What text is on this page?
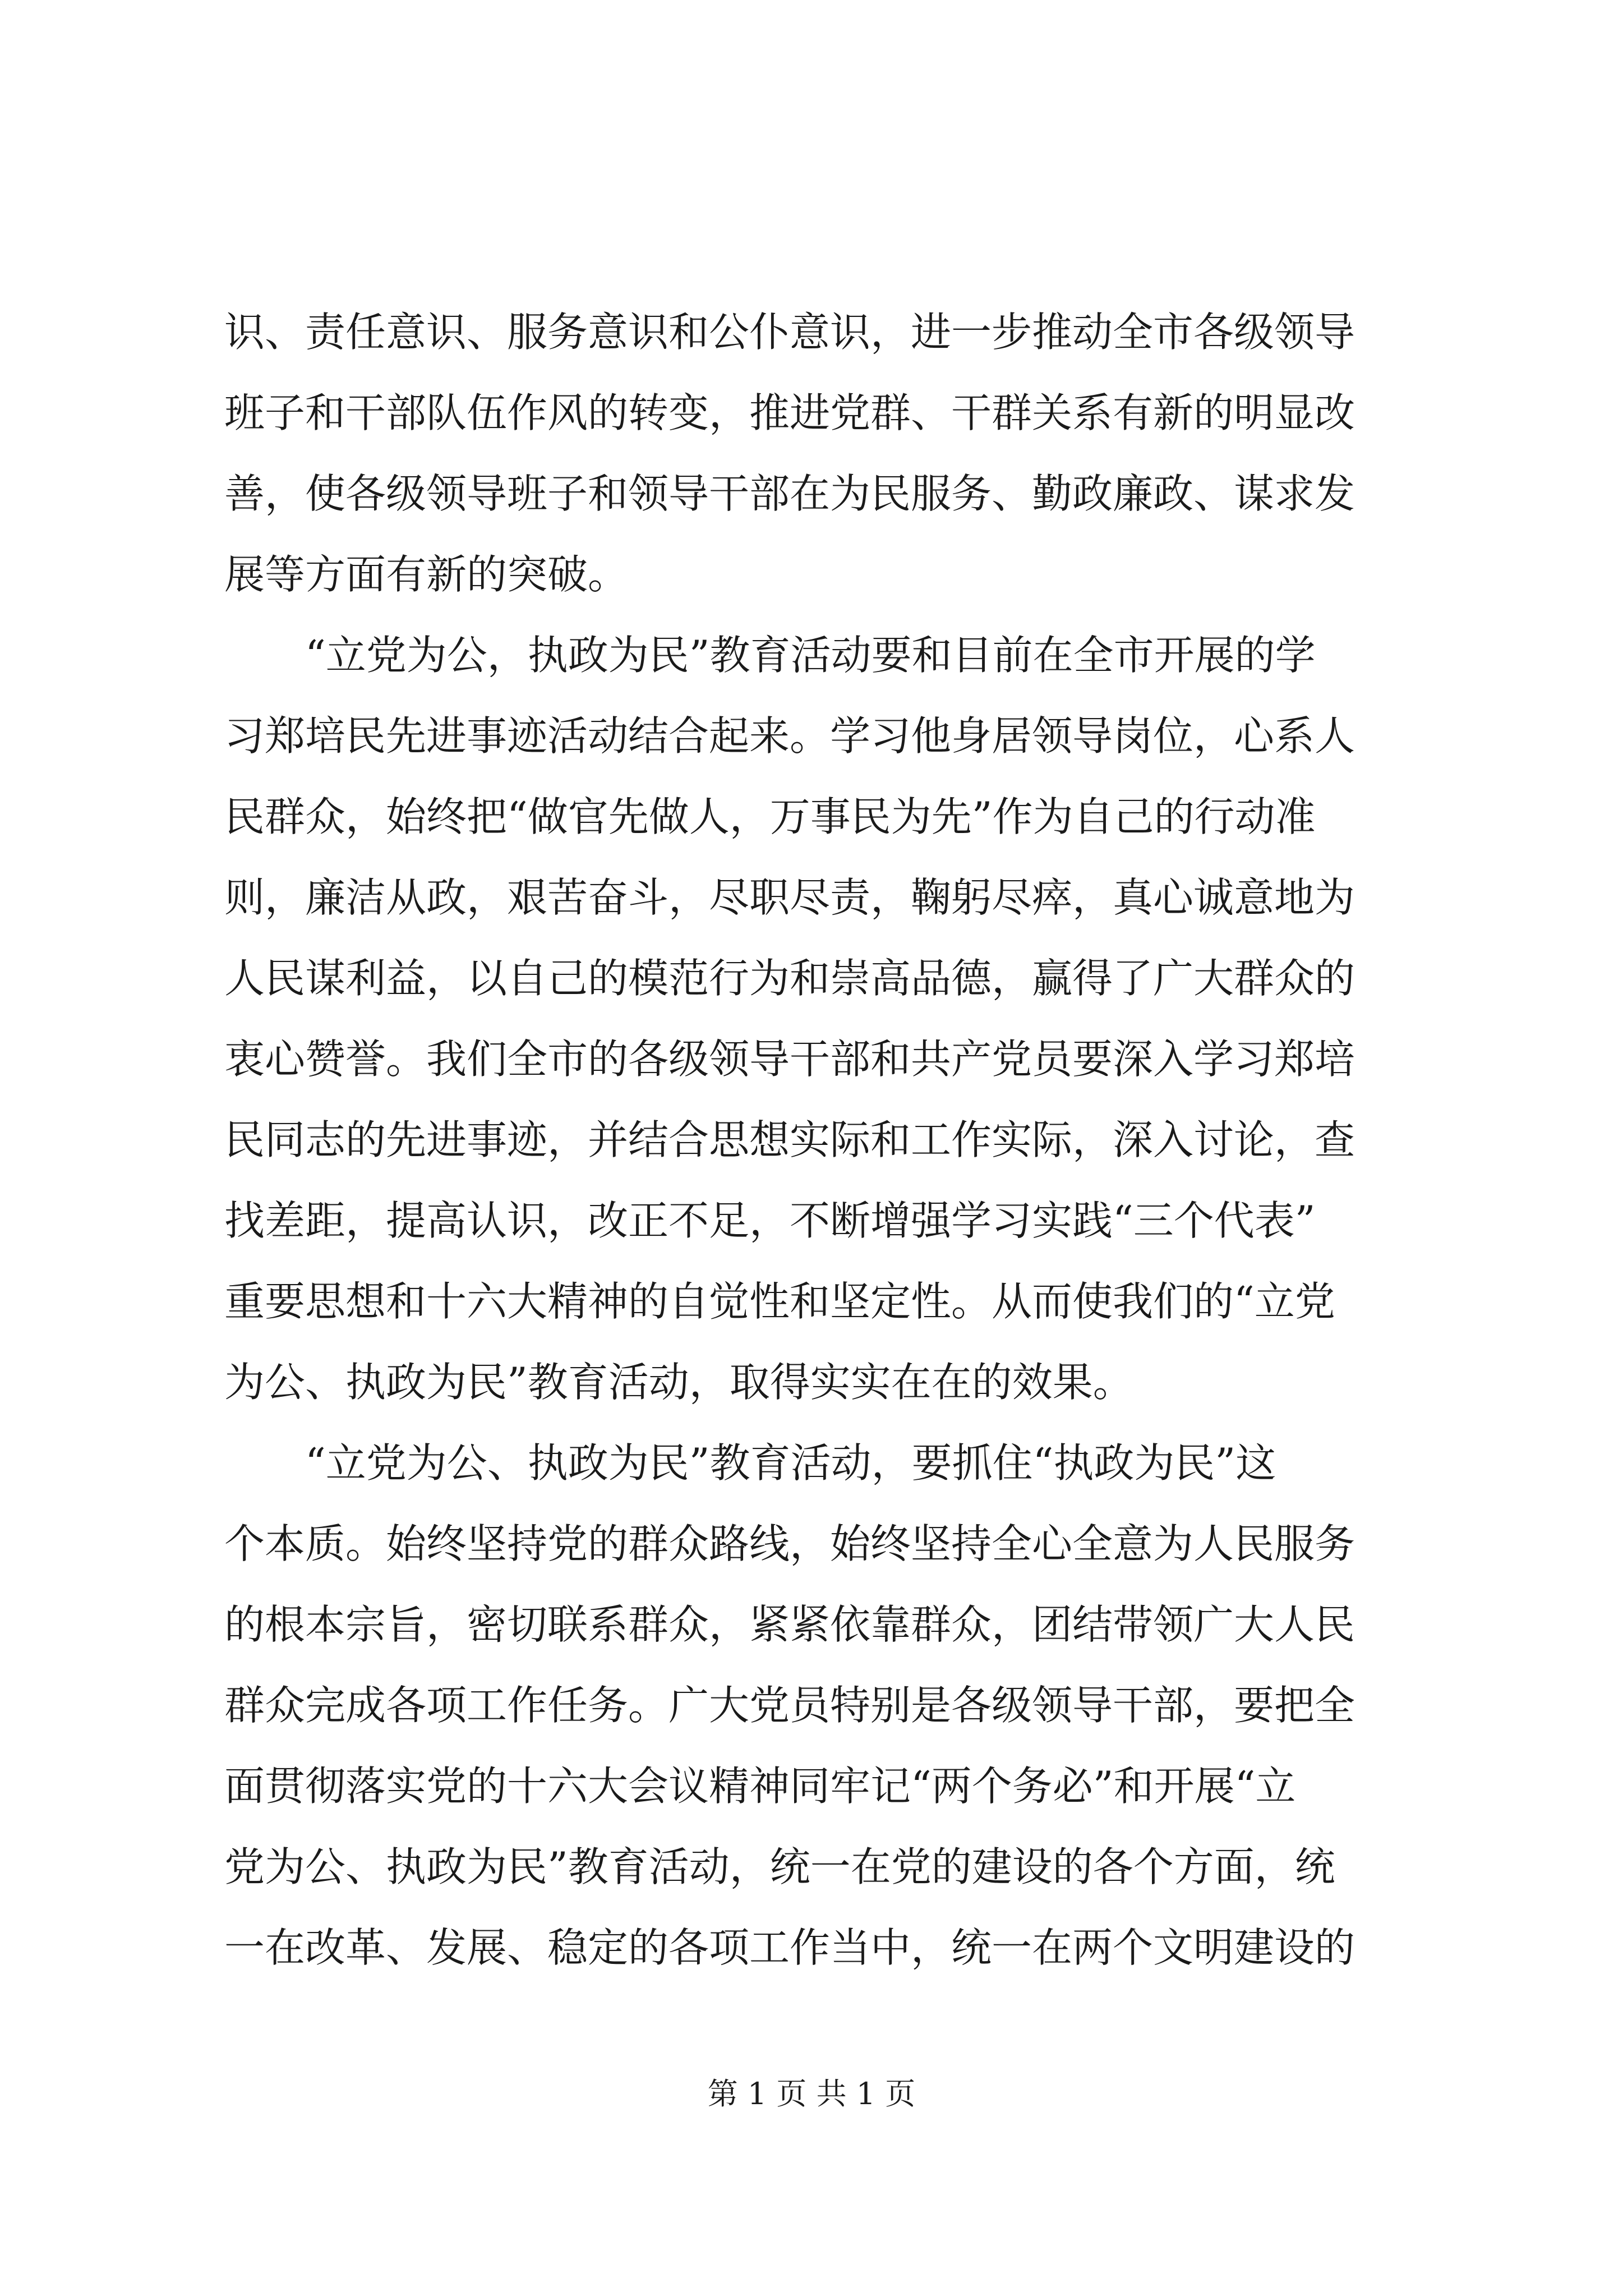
识、责任意识、服务意识和公仆意识，进一步推动全市各级领导
班子和干部队伍作风的转变，推进党群、干群关系有新的明显改
善，使各级领导班子和领导干部在为民服务、勤政廉政、谋求发
展等方面有新的突破。
　　“立党为公，执政为民”教育活动要和目前在全市开展的学
习郑培民先进事迹活动结合起来。学习他身居领导岗位，心系人
民群众，始终把“做官先做人，万事民为先”作为自己的行动准
则，廉洁从政，艰苦奋斗，尽职尽责，鞠躬尽瘁，真心诚意地为
人民谋利益，以自己的模范行为和崇高品德，赢得了广大群众的
衷心赞誉。我们全市的各级领导干部和共产党员要深入学习郑培
民同志的先进事迹，并结合思想实际和工作实际，深入讨论，查
找差距，提高认识，改正不足，不断增强学习实践“三个代表”
重要思想和十六大精神的自觉性和坚定性。从而使我们的“立党
为公、执政为民”教育活动，取得实实在在的效果。
　　“立党为公、执政为民”教育活动，要抓住“执政为民”这
个本质。始终坚持党的群众路线，始终坚持全心全意为人民服务
的根本宗旨，密切联系群众，紧紧依靠群众，团结带领广大人民
群众完成各项工作任务。广大党员特别是各级领导干部，要把全
面贯彻落实党的十六大会议精神同牢记“两个务必”和开展“立
党为公、执政为民”教育活动，统一在党的建设的各个方面，统
一在改革、发展、稳定的各项工作当中，统一在两个文明建设的
第 1 页 共 1 页
